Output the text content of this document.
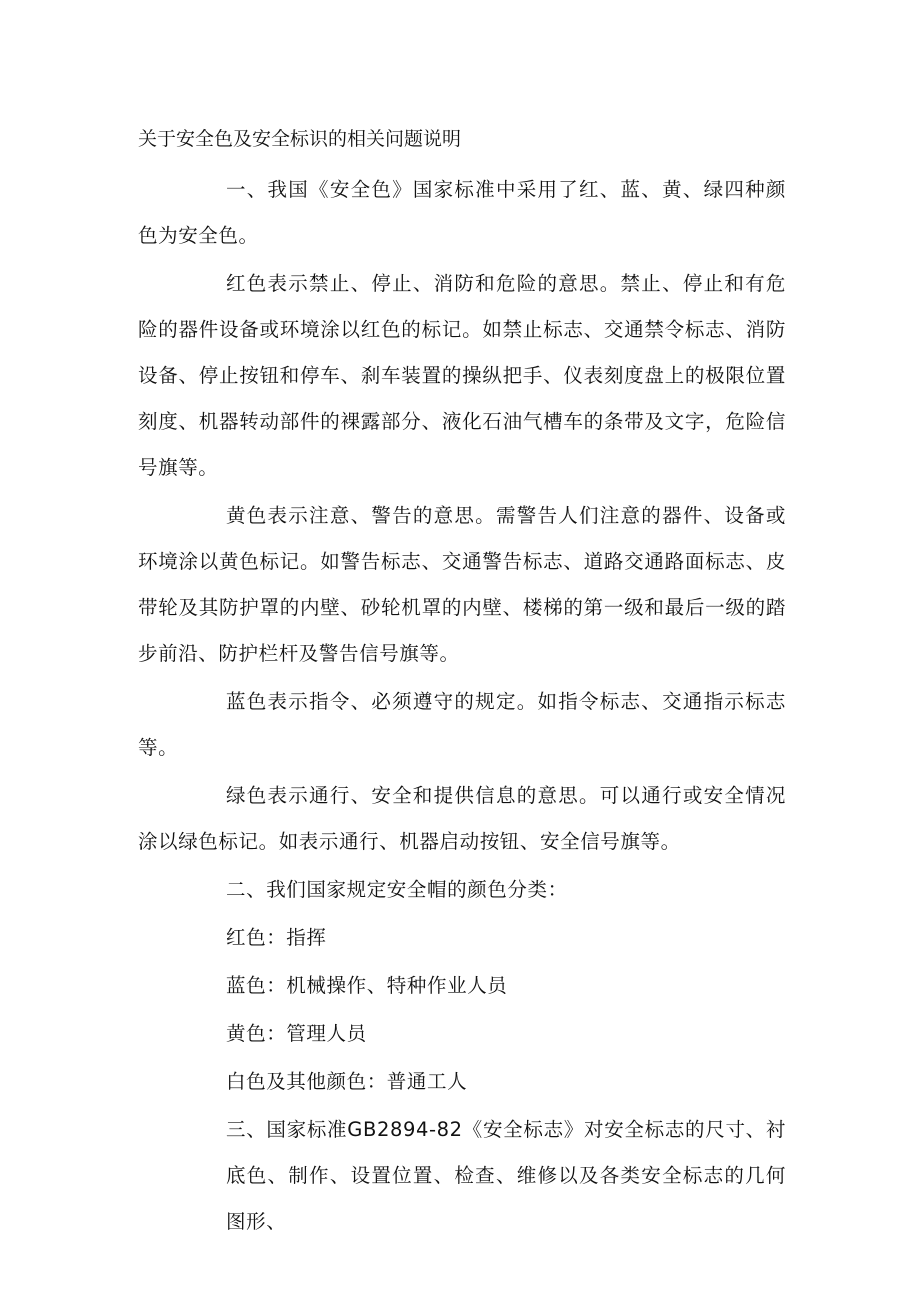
关于安全色及安全标识的相关问题说明

一、我国《安全色》国家标准中采用了红、蓝、黄、绿四种颜色为安全色。

红色表示禁止、停止、消防和危险的意思。禁止、停止和有危险的器件设备或环境涂以红色的标记。如禁止标志、交通禁令标志、消防设备、停止按钮和停车、刹车装置的操纵把手、仪表刻度盘上的极限位置刻度、机器转动部件的裸露部分、液化石油气槽车的条带及文字，危险信号旗等。

黄色表示注意、警告的意思。需警告人们注意的器件、设备或环境涂以黄色标记。如警告标志、交通警告标志、道路交通路面标志、皮带轮及其防护罩的内壁、砂轮机罩的内壁、楼梯的第一级和最后一级的踏步前沿、防护栏杆及警告信号旗等。

蓝色表示指令、必须遵守的规定。如指令标志、交通指示标志等。

绿色表示通行、安全和提供信息的意思。可以通行或安全情况涂以绿色标记。如表示通行、机器启动按钮、安全信号旗等。

二、我们国家规定安全帽的颜色分类：

红色：指挥
蓝色：机械操作、特种作业人员
黄色：管理人员
白色及其他颜色：普通工人

三、国家标准GB2894-82《安全标志》对安全标志的尺寸、衬底色、制作、设置位置、检查、维修以及各类安全标志的几何图形、
